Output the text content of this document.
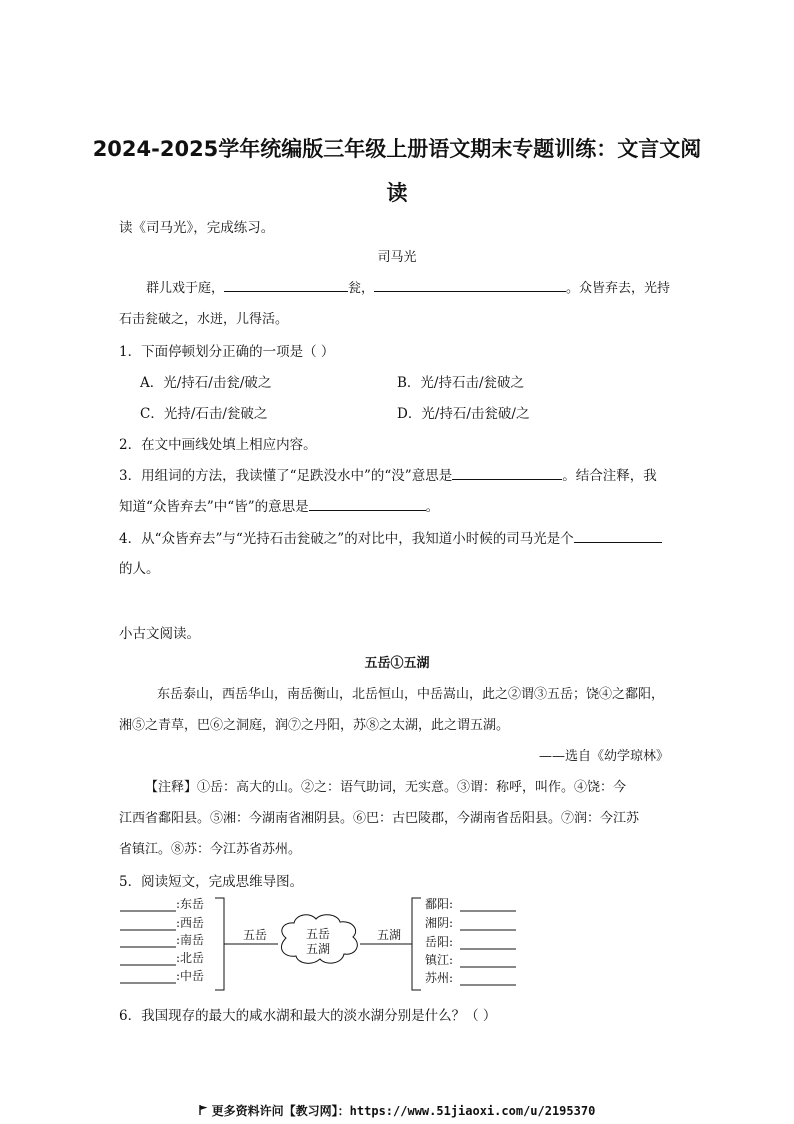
2024-2025学年统编版三年级上册语文期末专题训练：文言文阅
读
读《司马光》，完成练习。
司马光
群儿戏于庭，	瓮，	。众皆弃去，光持
石击瓮破之，水迸，儿得活。
1．下面停顿划分正确的一项是（ ）
A．光/持石/击瓮/破之	B．光/持石击/瓮破之
C．光持/石击/瓮破之	D．光/持石/击瓮破/之
2．在文中画线处填上相应内容。
3．用组词的方法，我读懂了“足跌没水中”的“没”意思是	。结合注释，我
知道“众皆弃去”中“皆”的意思是	。
4．从“众皆弃去”与“光持石击瓮破之”的对比中，我知道小时候的司马光是个
的人。
小古文阅读。
五岳①五湖
东岳泰山，西岳华山，南岳衡山，北岳恒山，中岳嵩山，此之②谓③五岳；饶④之鄱阳，
湘⑤之青草，巴⑥之洞庭，润⑦之丹阳，苏⑧之太湖，此之谓五湖。
——选自《幼学琼林》
【注释】①岳：高大的山。②之：语气助词，无实意。③谓：称呼，叫作。④饶：今
江西省鄱阳县。⑤湘：今湖南省湘阴县。⑥巴：古巴陵郡，今湖南省岳阳县。⑦润：今江苏
省镇江。⑧苏：今江苏省苏州。
5．阅读短文，完成思维导图。
:东岳
:西岳
:南岳
:北岳
:中岳
五岳	五岳
五湖
五湖
鄱阳:
湘阴:
岳阳:
镇江:
苏州:
6．我国现存的最大的咸水湖和最大的淡水湖分别是什么？（ ）
更多资料许问【教习网】：https://www.51jiaoxi.com/u/2195370
